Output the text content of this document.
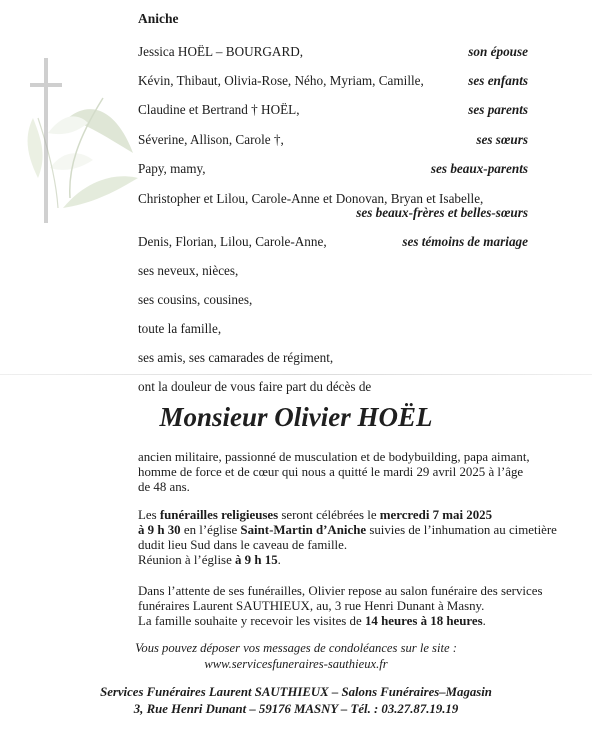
Aniche
Jessica HOËL – BOURGARD,	son épouse
Kévin, Thibaut, Olivia-Rose, Ného, Myriam, Camille,	ses enfants
Claudine et Bertrand † HOËL,	ses parents
Séverine, Allison, Carole †,	ses sœurs
Papy, mamy,	ses beaux-parents
Christopher et Lilou, Carole-Anne et Donovan, Bryan et Isabelle,
ses beaux-frères et belles-sœurs
Denis, Florian, Lilou, Carole-Anne,	ses témoins de mariage
ses neveux, nièces,
ses cousins, cousines,
toute la famille,
ses amis, ses camarades de régiment,
ont la douleur de vous faire part du décès de
Monsieur Olivier HOËL

ancien militaire, passionné de musculation et de bodybuilding, papa aimant,

homme de force et de cœur qui nous a quitté le mardi 29 avril 2025 à l’âge

de 48 ans.

Les funérailles religieuses seront célébrées le mercredi 7 mai 2025

à 9 h 30 en l’église Saint-Martin d’Aniche suivies de l’inhumation au cimetière

dudit lieu Sud dans le caveau de famille.

Réunion à l’église à 9 h 15.

Dans l’attente de ses funérailles, Olivier repose au salon funéraire des services

funéraires Laurent SAUTHIEUX, au, 3 rue Henri Dunant à Masny.

La famille souhaite y recevoir les visites de 14 heures à 18 heures.

Vous pouvez déposer vos messages de condoléances sur le site :

www.servicesfuneraires-sauthieux.fr

Services Funéraires Laurent SAUTHIEUX – Salons Funéraires–Magasin

3, Rue Henri Dunant – 59176 MASNY – Tél. : 03.27.87.19.19
